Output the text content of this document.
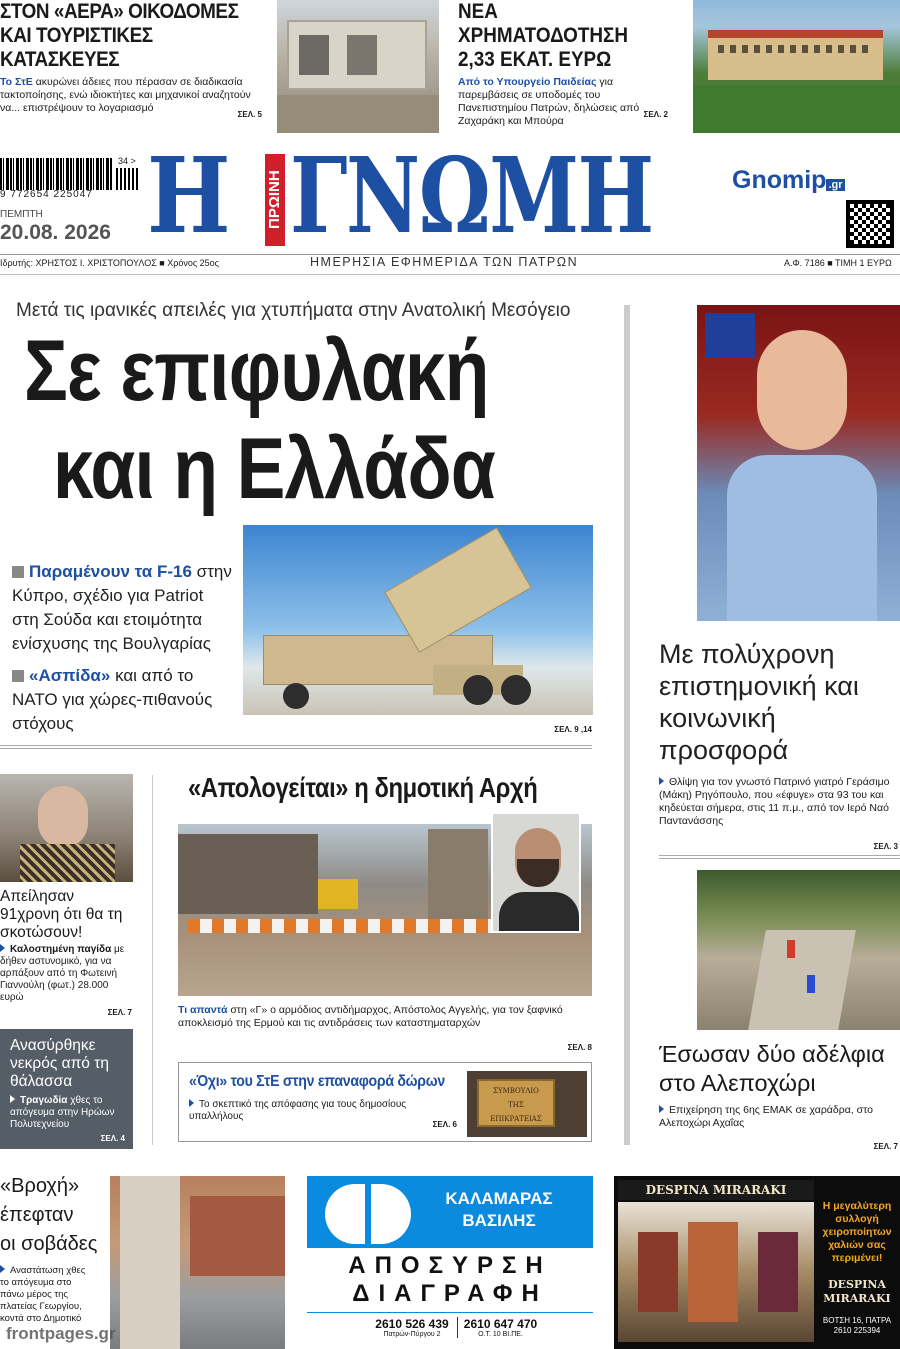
ΣΤΟΝ «ΑΕΡΑ» ΟΙΚΟΔΟΜΕΣ
ΚΑΙ ΤΟΥΡΙΣΤΙΚΕΣ ΚΑΤΑΣΚΕΥΕΣ
Το ΣτΕ ακυρώνει άδειες που πέρασαν σε διαδικασία τακτοποίησης, ενώ ιδιοκτήτες και μηχανικοί αναζητούν να... επιστρέψουν το λογαριασμό
ΣΕΛ. 5
ΝΕΑ ΧΡΗΜΑΤΟΔΟΤΗΣΗ
2,33 ΕΚΑΤ. ΕΥΡΩ
Από το Υπουργείο Παιδείας για παρεμβάσεις σε υποδομές του Πανεπιστημίου Πατρών, δηλώσεις από Ζαχαράκη και Μπούρα
ΣΕΛ. 2
34 >
9 772654 225047
ΠΕΜΠΤΗ
20.08. 2026 Η ΠΡΩΙΝΗ ΓΝΩΜΗ	Gnomip .gr
Ιδρυτής: ΧΡΗΣΤΟΣ Ι. ΧΡΙΣΤΟΠΟΥΛΟΣ ■ Χρόνος 25ος	ΗΜΕΡΗΣΙΑ ΕΦΗΜΕΡΙΔΑ ΤΩΝ ΠΑΤΡΩΝ	Α.Φ. 7186 ■ ΤΙΜΗ 1 ΕΥΡΩ
Μετά τις ιρανικές απειλές για χτυπήματα στην Ανατολική Μεσόγειο
Σε επιφυλακή
και η Ελλάδα
Παραμένουν τα F-16 στην Κύπρο, σχέδιο για Patriot στη Σούδα και ετοιμότητα ενίσχυσης της Βουλγαρίας
«Ασπίδα» και από το ΝΑΤΟ για χώρες-πιθανούς στόχους	ΣΕΛ. 9 ,14
Με πολύχρονη επιστημονική και κοινωνική προσφορά
Θλίψη για τον γνωστό Πατρινό γιατρό Γεράσιμο (Μάκη) Ρηγόπουλο, που «έφυγε» στα 93 του και κηδεύεται σήμερα, στις 11 π.μ., από τον Ιερό Ναό Παντανάσσης
ΣΕΛ. 3
Απείλησαν 91χρονη ότι θα τη σκοτώσουν!
Καλοστημένη παγίδα με δήθεν αστυνομικό, για να αρπάξουν από τη Φωτεινή Γιαννούλη (φωτ.) 28.000 ευρώ
ΣΕΛ. 7
Ανασύρθηκε νεκρός από τη θάλασσα
Τραγωδία χθες το απόγευμα στην Ηρώων Πολυτεχνείου
ΣΕΛ. 4
«Απολογείται» η δημοτική Αρχή
Τι απαντά στη «Γ» ο αρμόδιος αντιδήμαρχος, Απόστολος Αγγελής, για τον ξαφνικό αποκλεισμό της Ερμού και τις αντιδράσεις των καταστηματαρχών
ΣΕΛ. 8
«Όχι» του ΣτΕ στην επαναφορά δώρων
Το σκεπτικό της απόφασης για τους δημοσίους υπαλλήλους
ΣΕΛ. 6
ΣΥΜΒΟΥΛΙΟ
ΤΗΣ
ΕΠΙΚΡΑΤΕΙΑΣ
Έσωσαν δύο αδέλφια στο Αλεποχώρι
Επιχείρηση της 6ης ΕΜΑΚ σε χαράδρα, στο Αλεποχώρι Αχαΐας
ΣΕΛ. 7
«Βροχή»
έπεφταν
οι σοβάδες
Αναστάτωση χθες το απόγευμα στο πάνω μέρος της πλατείας Γεωργίου, κοντά στο Δημοτικό
ΚΑΛΑΜΑΡΑΣ
ΒΑΣΙΛΗΣ
ΑΠΟΣΥΡΣΗ
ΔΙΑΓΡΑΦΗ
2610 526 439
Πατρών-Πύργου 2
2610 647 470
Ο.Τ. 10 ΒΙ.ΠΕ.
DESPINA MIRARAKI
Η μεγαλύτερη συλλογή χειροποίητων χαλιών σας περιμένει!
DESPINA
MIRARAKI
ΒΟΤΣΗ 16, ΠΑΤΡΑ
2610 225394
frontpages.gr
